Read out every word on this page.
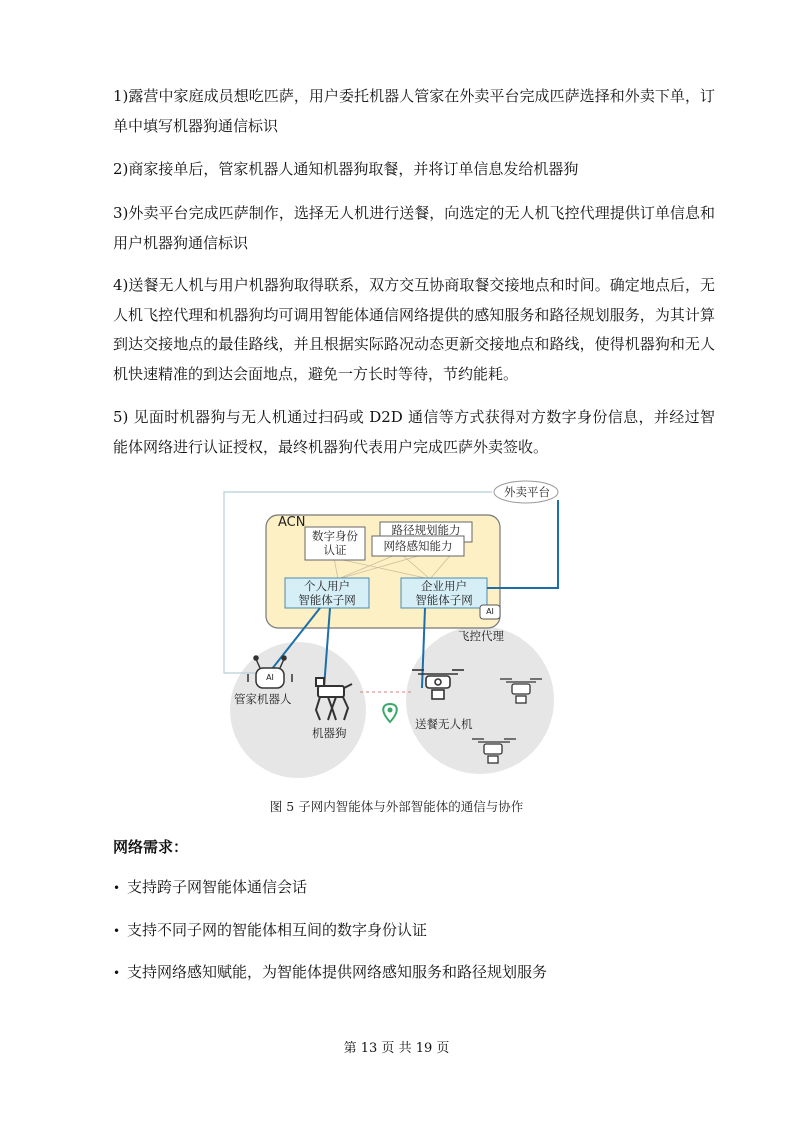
1)露营中家庭成员想吃匹萨，用户委托机器人管家在外卖平台完成匹萨选择和外卖下单，订单中填写机器狗通信标识

2)商家接单后，管家机器人通知机器狗取餐，并将订单信息发给机器狗

3)外卖平台完成匹萨制作，选择无人机进行送餐，向选定的无人机飞控代理提供订单信息和用户机器狗通信标识

4)送餐无人机与用户机器狗取得联系，双方交互协商取餐交接地点和时间。确定地点后，无人机飞控代理和机器狗均可调用智能体通信网络提供的感知服务和路径规划服务，为其计算到达交接地点的最佳路线，并且根据实际路况动态更新交接地点和路线，使得机器狗和无人机快速精准的到达会面地点，避免一方长时等待，节约能耗。

5) 见面时机器狗与无人机通过扫码或 D2D 通信等方式获得对方数字身份信息，并经过智能体网络进行认证授权，最终机器狗代表用户完成匹萨外卖签收。

外卖平台
ACN
数字身份
认证
路径规划能力
网络感知能力
个人用户
智能体子网
企业用户
智能体子网
AI
飞控代理
AI
管家机器人
机器狗
送餐无人机
图 5 子网内智能体与外部智能体的通信与协作
网络需求：
• 支持跨子网智能体通信会话
• 支持不同子网的智能体相互间的数字身份认证
• 支持网络感知赋能，为智能体提供网络感知服务和路径规划服务
第 13 页 共 19 页
